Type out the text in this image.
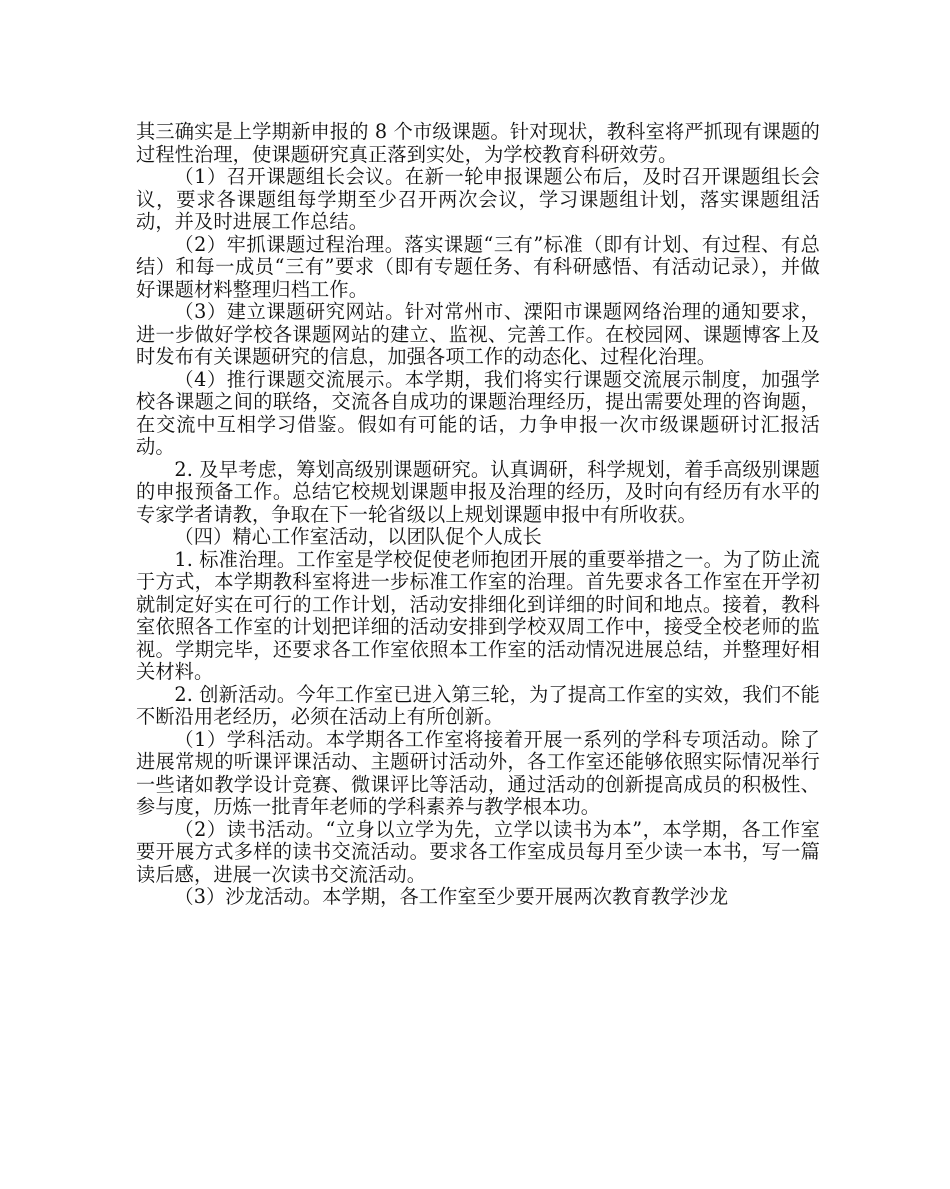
其三确实是上学期新申报的 8 个市级课题。针对现状，教科室将严抓现有课题的过程性治理，使课题研究真正落到实处，为学校教育科研效劳。

（1）召开课题组长会议。在新一轮申报课题公布后，及时召开课题组长会议，要求各课题组每学期至少召开两次会议，学习课题组计划，落实课题组活动，并及时进展工作总结。

（2）牢抓课题过程治理。落实课题“三有”标准（即有计划、有过程、有总结）和每一成员“三有”要求（即有专题任务、有科研感悟、有活动记录），并做好课题材料整理归档工作。

（3）建立课题研究网站。针对常州市、溧阳市课题网络治理的通知要求，进一步做好学校各课题网站的建立、监视、完善工作。在校园网、课题博客上及时发布有关课题研究的信息，加强各项工作的动态化、过程化治理。

（4）推行课题交流展示。本学期，我们将实行课题交流展示制度，加强学校各课题之间的联络，交流各自成功的课题治理经历，提出需要处理的咨询题，在交流中互相学习借鉴。假如有可能的话，力争申报一次市级课题研讨汇报活动。

2. 及早考虑，筹划高级别课题研究。认真调研，科学规划，着手高级别课题的申报预备工作。总结它校规划课题申报及治理的经历，及时向有经历有水平的专家学者请教，争取在下一轮省级以上规划课题申报中有所收获。

（四）精心工作室活动，以团队促个人成长

1. 标准治理。工作室是学校促使老师抱团开展的重要举措之一。为了防止流于方式，本学期教科室将进一步标准工作室的治理。首先要求各工作室在开学初就制定好实在可行的工作计划，活动安排细化到详细的时间和地点。接着，教科室依照各工作室的计划把详细的活动安排到学校双周工作中，接受全校老师的监视。学期完毕，还要求各工作室依照本工作室的活动情况进展总结，并整理好相关材料。

2. 创新活动。今年工作室已进入第三轮，为了提高工作室的实效，我们不能不断沿用老经历，必须在活动上有所创新。

（1）学科活动。本学期各工作室将接着开展一系列的学科专项活动。除了进展常规的听课评课活动、主题研讨活动外，各工作室还能够依照实际情况举行一些诸如教学设计竞赛、微课评比等活动，通过活动的创新提高成员的积极性、参与度，历炼一批青年老师的学科素养与教学根本功。

（2）读书活动。“立身以立学为先，立学以读书为本”，本学期，各工作室要开展方式多样的读书交流活动。要求各工作室成员每月至少读一本书，写一篇读后感，进展一次读书交流活动。

（3）沙龙活动。本学期，各工作室至少要开展两次教育教学沙龙
